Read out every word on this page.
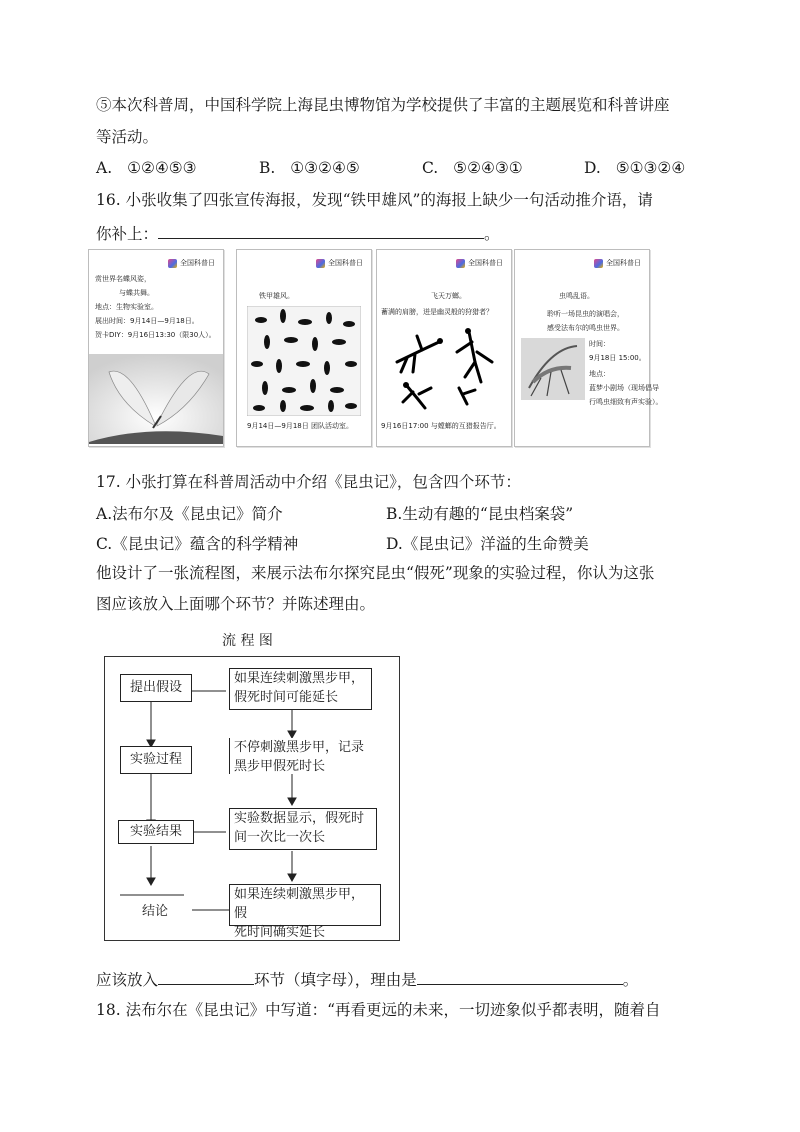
⑤本次科普周，中国科学院上海昆虫博物馆为学校提供了丰富的主题展览和科普讲座
等活动。
A. ①②④⑤③	B. ①③②④⑤	C. ⑤②④③①	D. ⑤①③②④
16. 小张收集了四张宣传海报，发现“铁甲雄风”的海报上缺少一句活动推介语，请
你补上：	。
全国科普日
赏世界名蝶风姿，
与蝶共舞。
地点：生物实验室。
展出时间：9月14日—9月18日。
贺卡DIY：9月16日13:30（限30人）。
全国科普日
铁甲雄风。
9月14日—9月18日 团队活动室。
全国科普日
飞天万螂。
蓄满的肩膀，迸是幽灵般的狩猎者？
9月16日17:00 与螳螂的互猎报告厅。
全国科普日
虫鸣乱语。
聆听一场昆虫的演唱会，
感受法布尔的鸣虫世界。
时间：
9月18日 15:00。
地点：
蓝梦小剧场（现场倡导
行鸣虫细致有声实验）。
17. 小张打算在科普周活动中介绍《昆虫记》，包含四个环节：
A.法布尔及《昆虫记》简介	B.生动有趣的“昆虫档案袋”
C.《昆虫记》蕴含的科学精神	D.《昆虫记》洋溢的生命赞美
他设计了一张流程图，来展示法布尔探究昆虫“假死”现象的实验过程，你认为这张
图应该放入上面哪个环节？并陈述理由。
流 程 图
提出假设
实验过程
实验结果
结论
如果连续刺激黑步甲，
假死时间可能延长
不停刺激黑步甲，记录
黑步甲假死时长
实验数据显示，假死时
间一次比一次长
如果连续刺激黑步甲，假
死时间确实延长
应该放入	环节（填字母），理由是	。
18. 法布尔在《昆虫记》中写道：“再看更远的未来，一切迹象似乎都表明，随着自
